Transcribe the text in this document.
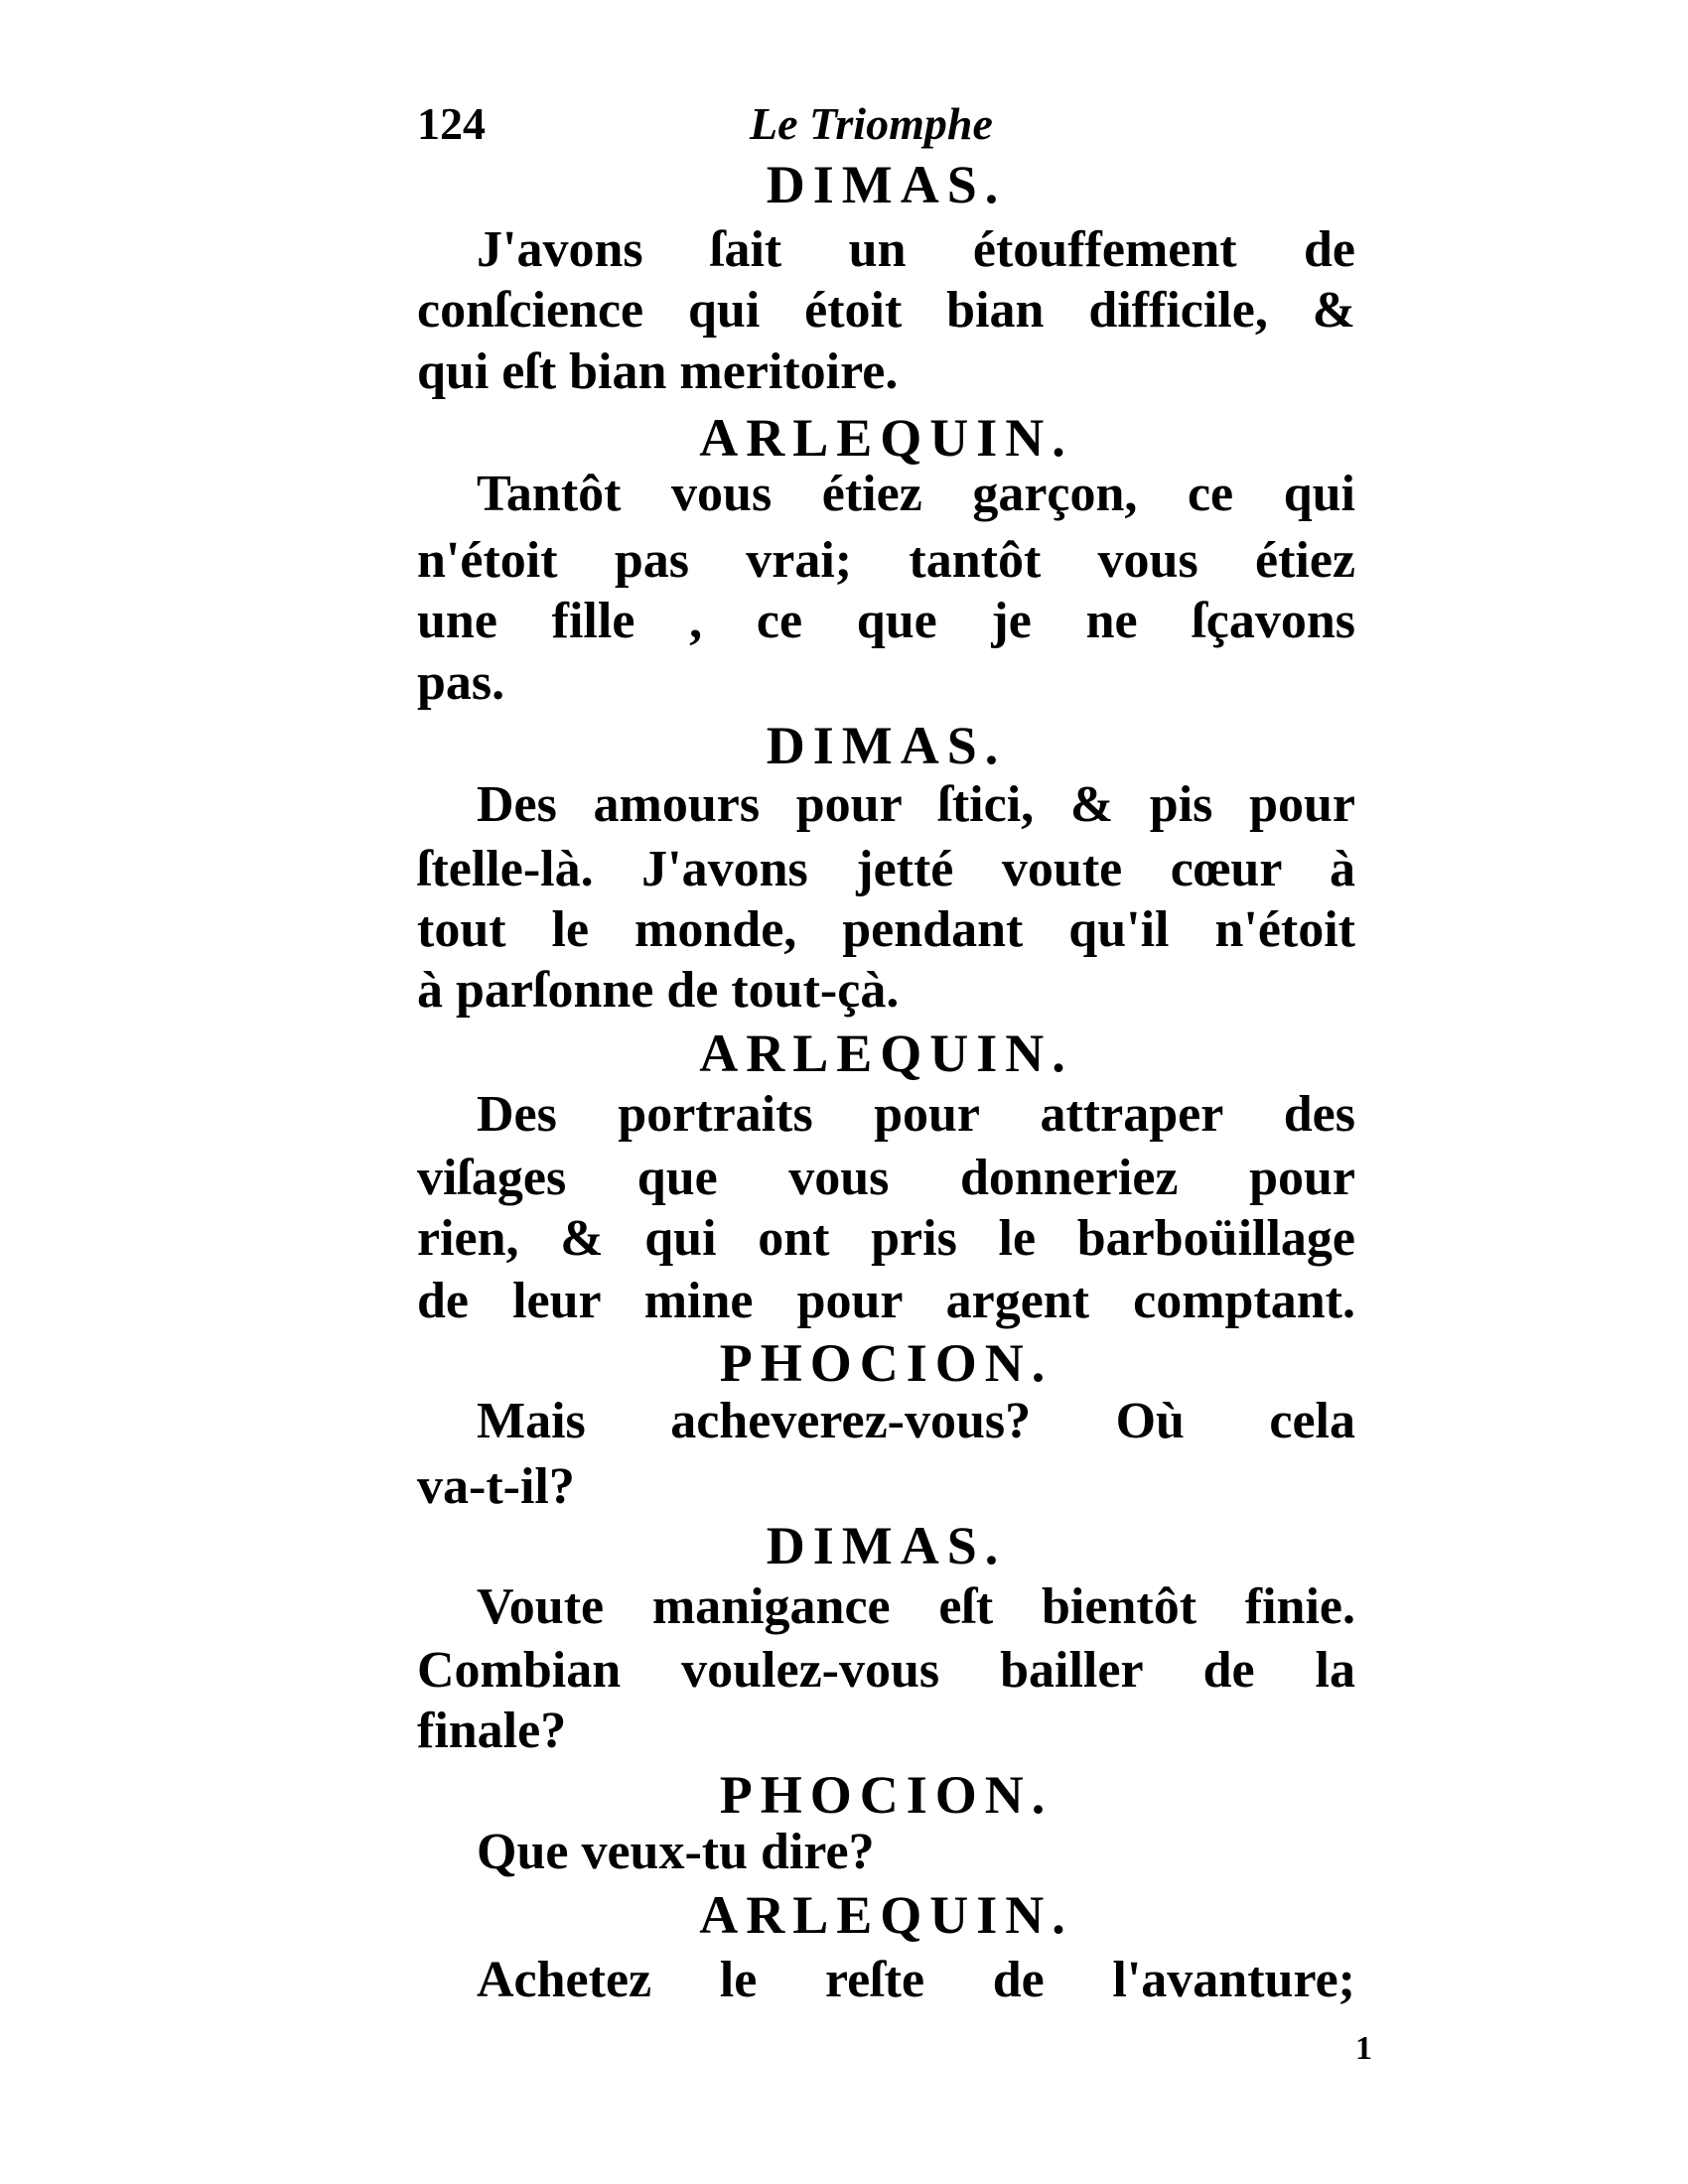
124	Le Triomphe
DIMAS.
J'avons ſait un étouffement de
conſcience qui étoit bian difficile, &
qui eſt bian meritoire.
ARLEQUIN.
Tantôt vous étiez garçon, ce qui
n'étoit pas vrai; tantôt vous étiez
une fille , ce que je ne ſçavons
pas.
DIMAS.
Des amours pour ſtici, & pis pour
ſtelle-là. J'avons jetté voute cœur à
tout le monde, pendant qu'il n'étoit
à parſonne de tout-çà.
ARLEQUIN.
Des portraits pour attraper des
viſages que vous donneriez pour
rien, & qui ont pris le barboüillage
de leur mine pour argent comptant.
PHOCION.
Mais acheverez-vous? Où cela
va-t-il?
DIMAS.
Voute manigance eſt bientôt finie.
Combian voulez-vous bailler de la
finale?
PHOCION.
Que veux-tu dire?
ARLEQUIN.
Achetez le reſte de l'avanture;
1
